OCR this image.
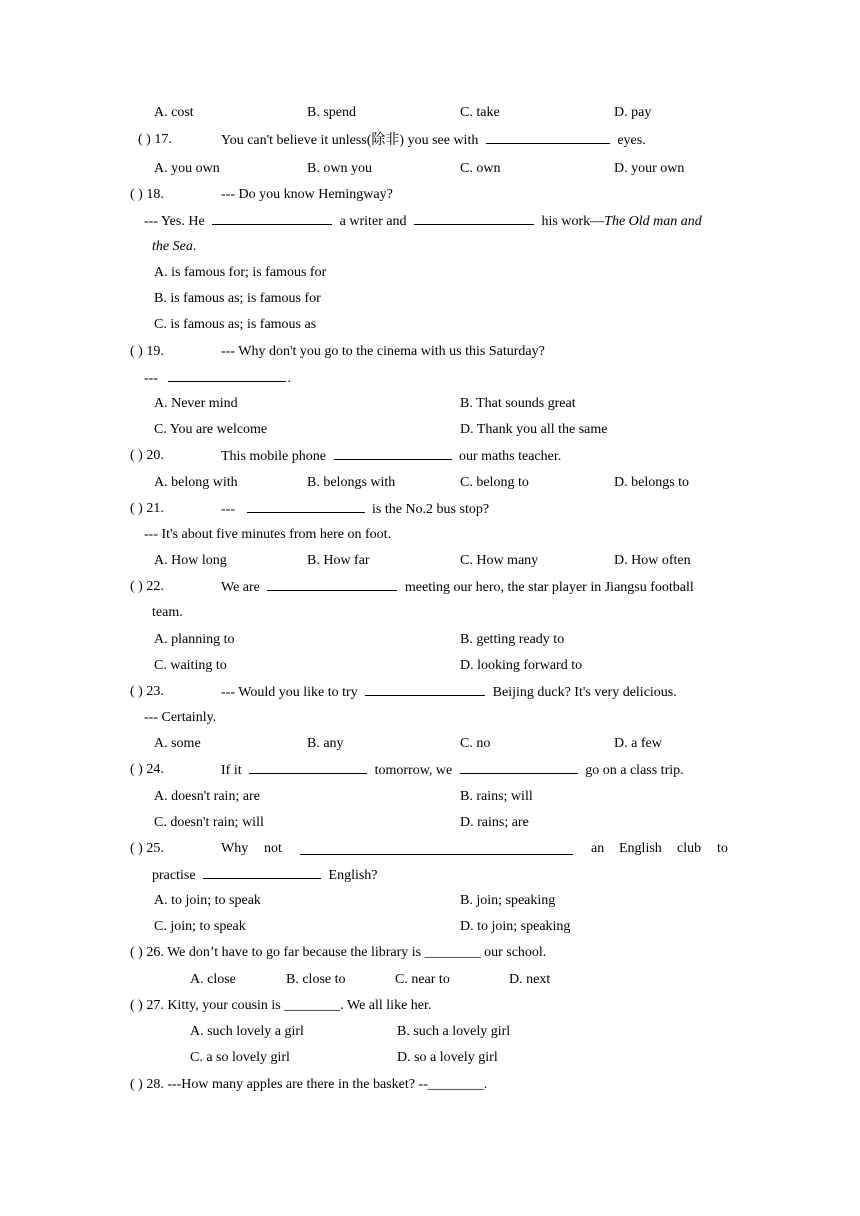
A. cost	B. spend	C. take	D. pay
( ) 17.	You can't believe it unless(除非) you see with	eyes.
A. you own	B. own you	C. own	D. your own
( ) 18.	--- Do you know Hemingway?
--- Yes. He	a writer and	his work—The Old man and
the Sea.
A. is famous for; is famous for
B. is famous as; is famous for
C. is famous as; is famous as
( ) 19.	--- Why don't you go to the cinema with us this Saturday?
---	.
A. Never mind	B. That sounds great
C. You are welcome	D. Thank you all the same
( ) 20.	This mobile phone	our maths teacher.
A. belong with	B. belongs with	C. belong to	D. belongs to
( ) 21.	---	is the No.2 bus stop?
--- It's about five minutes from here on foot.
A. How long	B. How far	C. How many	D. How often
( ) 22.	We are	meeting our hero, the star player in Jiangsu football
team.
A. planning to	B. getting ready to
C. waiting to	D. looking forward to
( ) 23.	--- Would you like to try	Beijing duck? It's very delicious.
--- Certainly.
A. some	B. any	C. no	D. a few
( ) 24.	If it	tomorrow, we	go on a class trip.
A. doesn't rain; are	B. rains; will
C. doesn't rain; will	D. rains; are
( ) 25.	Why not	an English club to
practise	English?
A. to join; to speak	B. join; speaking
C. join; to speak	D. to join; speaking
( ) 26. We don’t have to go far because the library is ________ our school.
A. close	B. close to	C. near to	D. next
( ) 27. Kitty, your cousin is ________. We all like her.
A. such lovely a girl	B. such a lovely girl
C. a so lovely girl	D. so a lovely girl
( ) 28. ---How many apples are there in the basket? --________.
